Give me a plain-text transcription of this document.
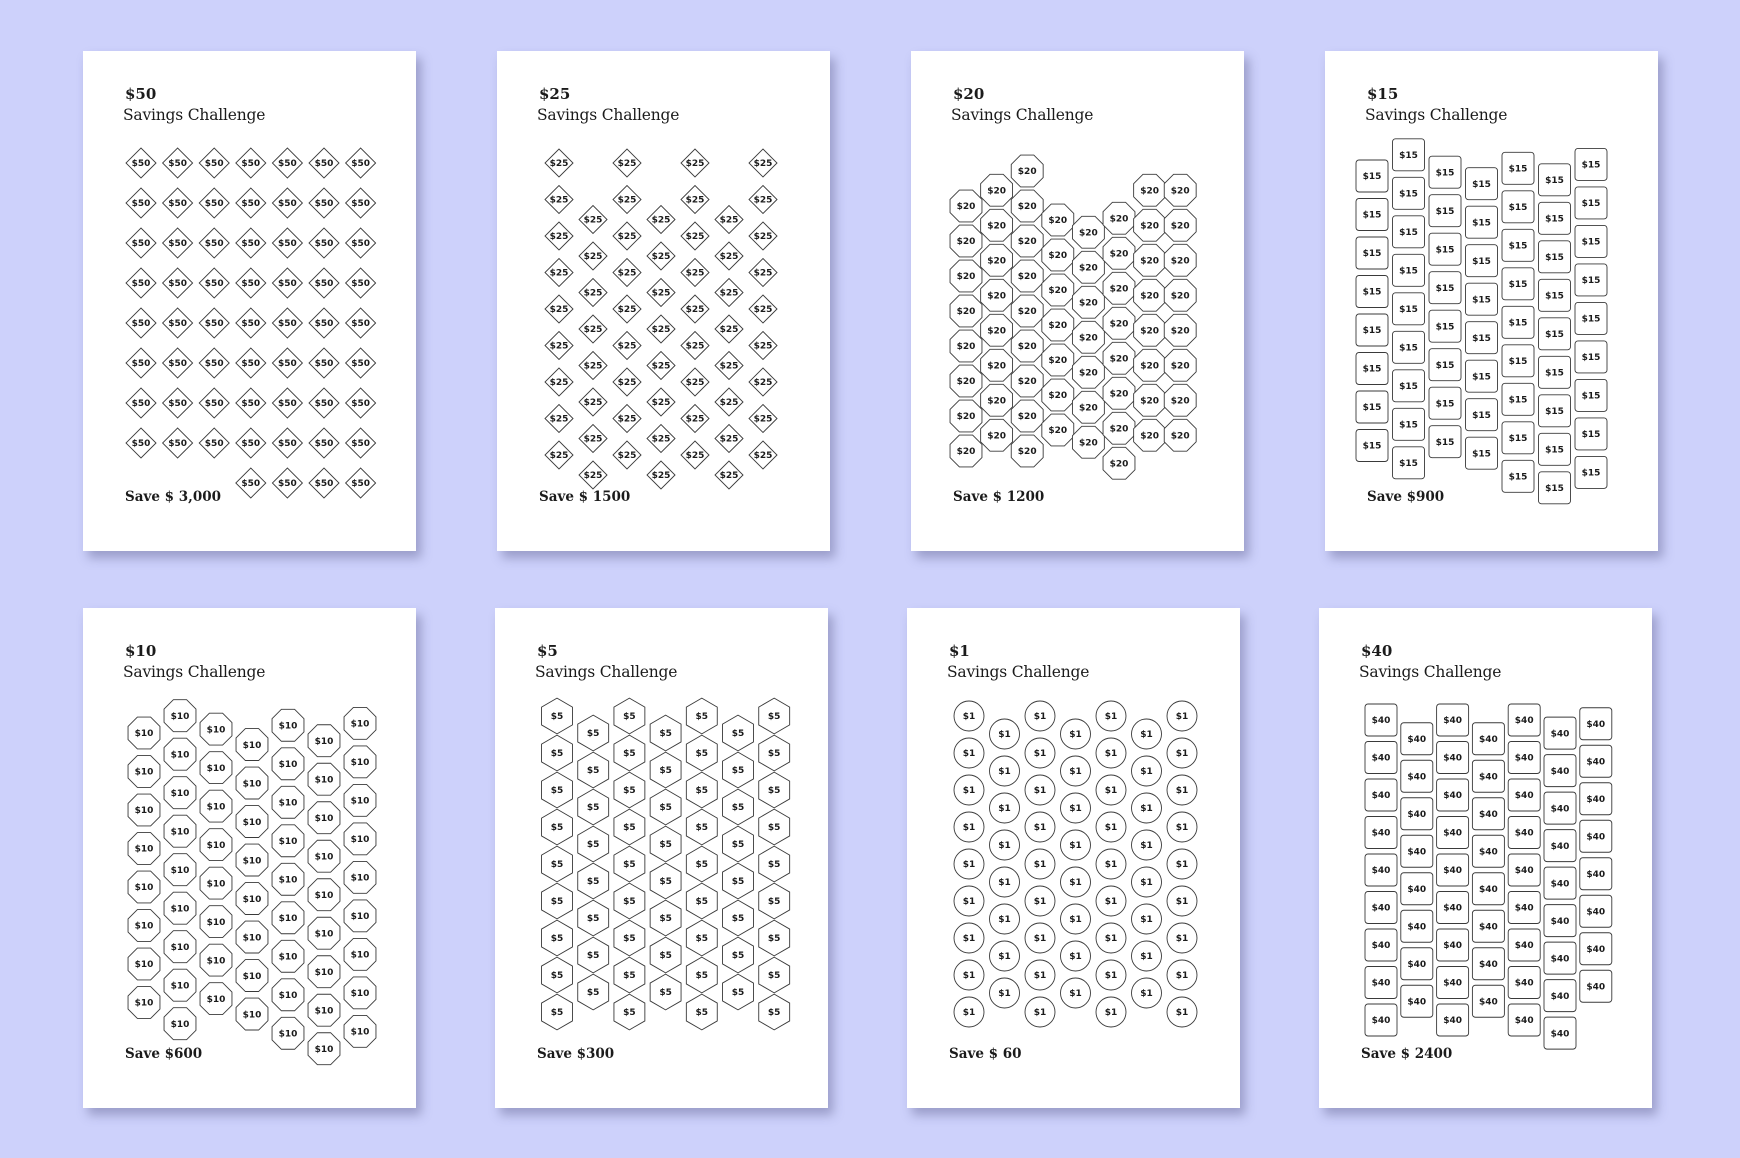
$50

Savings Challenge

$50
$50
$50
$50
$50
$50
$50
$50
$50
$50
$50
$50
$50
$50
$50
$50
$50
$50
$50
$50
$50
$50
$50
$50
$50
$50
$50
$50
$50
$50
$50
$50
$50
$50
$50
$50
$50
$50
$50
$50
$50
$50
$50
$50
$50
$50
$50
$50
$50
$50
$50
$50
$50
$50
$50
$50
$50
$50
$50
$50

Save $ 3,000

$25

Savings Challenge

$25
$25
$25
$25
$25
$25
$25
$25
$25
$25
$25
$25
$25
$25
$25
$25
$25
$25
$25
$25
$25
$25
$25
$25
$25
$25
$25
$25
$25
$25
$25
$25
$25
$25
$25
$25
$25
$25
$25
$25
$25
$25
$25
$25
$25
$25
$25
$25
$25
$25
$25
$25
$25
$25
$25
$25
$25
$25
$25
$25

Save $ 1500

$20

Savings Challenge

$20
$20
$20
$20
$20
$20
$20
$20
$20
$20
$20
$20
$20
$20
$20
$20
$20
$20
$20
$20
$20
$20
$20
$20
$20
$20
$20
$20
$20
$20
$20
$20
$20
$20
$20
$20
$20
$20
$20
$20
$20
$20
$20
$20
$20
$20
$20
$20
$20
$20
$20
$20
$20
$20
$20
$20
$20
$20
$20
$20
$20
$20
$20

Save $ 1200

$15

Savings Challenge

$15
$15
$15
$15
$15
$15
$15
$15
$15
$15
$15
$15
$15
$15
$15
$15
$15
$15
$15
$15
$15
$15
$15
$15
$15
$15
$15
$15
$15
$15
$15
$15
$15
$15
$15
$15
$15
$15
$15
$15
$15
$15
$15
$15
$15
$15
$15
$15
$15
$15
$15
$15
$15
$15
$15
$15
$15
$15
$15
$15

Save $900

$10

Savings Challenge

$10
$10
$10
$10
$10
$10
$10
$10
$10
$10
$10
$10
$10
$10
$10
$10
$10
$10
$10
$10
$10
$10
$10
$10
$10
$10
$10
$10
$10
$10
$10
$10
$10
$10
$10
$10
$10
$10
$10
$10
$10
$10
$10
$10
$10
$10
$10
$10
$10
$10
$10
$10
$10
$10
$10
$10
$10
$10
$10
$10

Save $600

$5

Savings Challenge

$5
$5
$5
$5
$5
$5
$5
$5
$5
$5
$5
$5
$5
$5
$5
$5
$5
$5
$5
$5
$5
$5
$5
$5
$5
$5
$5
$5
$5
$5
$5
$5
$5
$5
$5
$5
$5
$5
$5
$5
$5
$5
$5
$5
$5
$5
$5
$5
$5
$5
$5
$5
$5
$5
$5
$5
$5
$5
$5
$5

Save $300

$1

Savings Challenge

$1
$1
$1
$1
$1
$1
$1
$1
$1
$1
$1
$1
$1
$1
$1
$1
$1
$1
$1
$1
$1
$1
$1
$1
$1
$1
$1
$1
$1
$1
$1
$1
$1
$1
$1
$1
$1
$1
$1
$1
$1
$1
$1
$1
$1
$1
$1
$1
$1
$1
$1
$1
$1
$1
$1
$1
$1
$1
$1
$1

Save $ 60

$40

Savings Challenge

$40
$40
$40
$40
$40
$40
$40
$40
$40
$40
$40
$40
$40
$40
$40
$40
$40
$40
$40
$40
$40
$40
$40
$40
$40
$40
$40
$40
$40
$40
$40
$40
$40
$40
$40
$40
$40
$40
$40
$40
$40
$40
$40
$40
$40
$40
$40
$40
$40
$40
$40
$40
$40
$40
$40
$40
$40
$40
$40
$40

Save $ 2400
